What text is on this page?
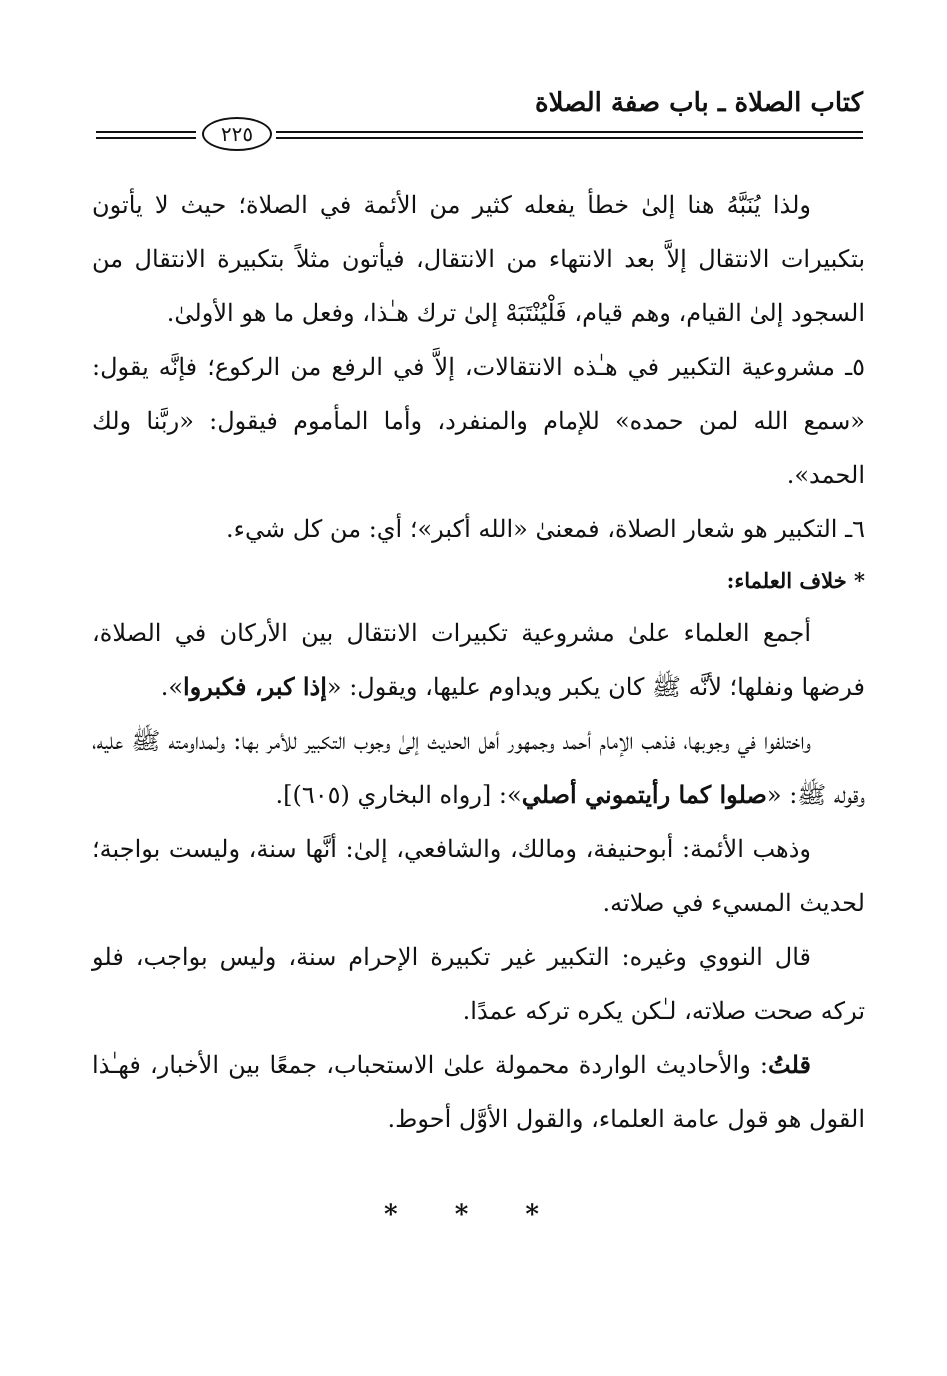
كتاب الصلاة ـ باب صفة الصلاة
٢٢٥

ولذا يُنَبَّهُ هنا إلىٰ خطأ يفعله كثير من الأئمة في الصلاة؛ حيث لا يأتون بتكبيرات الانتقال إلاَّ بعد الانتهاء من الانتقال، فيأتون مثلاً بتكبيرة الانتقال من السجود إلىٰ القيام، وهم قيام، فَلْيُنْتَبَهْ إلىٰ ترك هـٰذا، وفعل ما هو الأولىٰ.

٥ـ مشروعية التكبير في هـٰذه الانتقالات، إلاَّ في الرفع من الركوع؛ فإنَّه يقول: «سمع الله لمن حمده» للإمام والمنفرد، وأما المأموم فيقول: «ربَّنا ولك الحمد».

٦ـ التكبير هو شعار الصلاة، فمعنىٰ «الله أكبر»؛ أي: من كل شيء.

* خلاف العلماء:

أجمع العلماء علىٰ مشروعية تكبيرات الانتقال بين الأركان في الصلاة، فرضها ونفلها؛ لأنَّه ﷺ كان يكبر ويداوم عليها، ويقول: «إذا كبر، فكبروا».

واختلفوا في وجوبها، فذهب الإمام أحمد وجمهور أهل الحديث إلىٰ وجوب التكبير للأمر بها: ولمداومته ﷺ عليه، وقوله ﷺ: «صلوا كما رأيتموني أصلي»: [رواه البخاري (٦٠٥)].

وذهب الأئمة: أبوحنيفة، ومالك، والشافعي، إلىٰ: أنَّها سنة، وليست بواجبة؛ لحديث المسيء في صلاته.

قال النووي وغيره: التكبير غير تكبيرة الإحرام سنة، وليس بواجب، فلو تركه صحت صلاته، لـٰكن يكره تركه عمدًا.

قلتُ: والأحاديث الواردة محمولة علىٰ الاستحباب، جمعًا بين الأخبار، فهـٰذا القول هو قول عامة العلماء، والقول الأوَّل أحوط.

* * *
